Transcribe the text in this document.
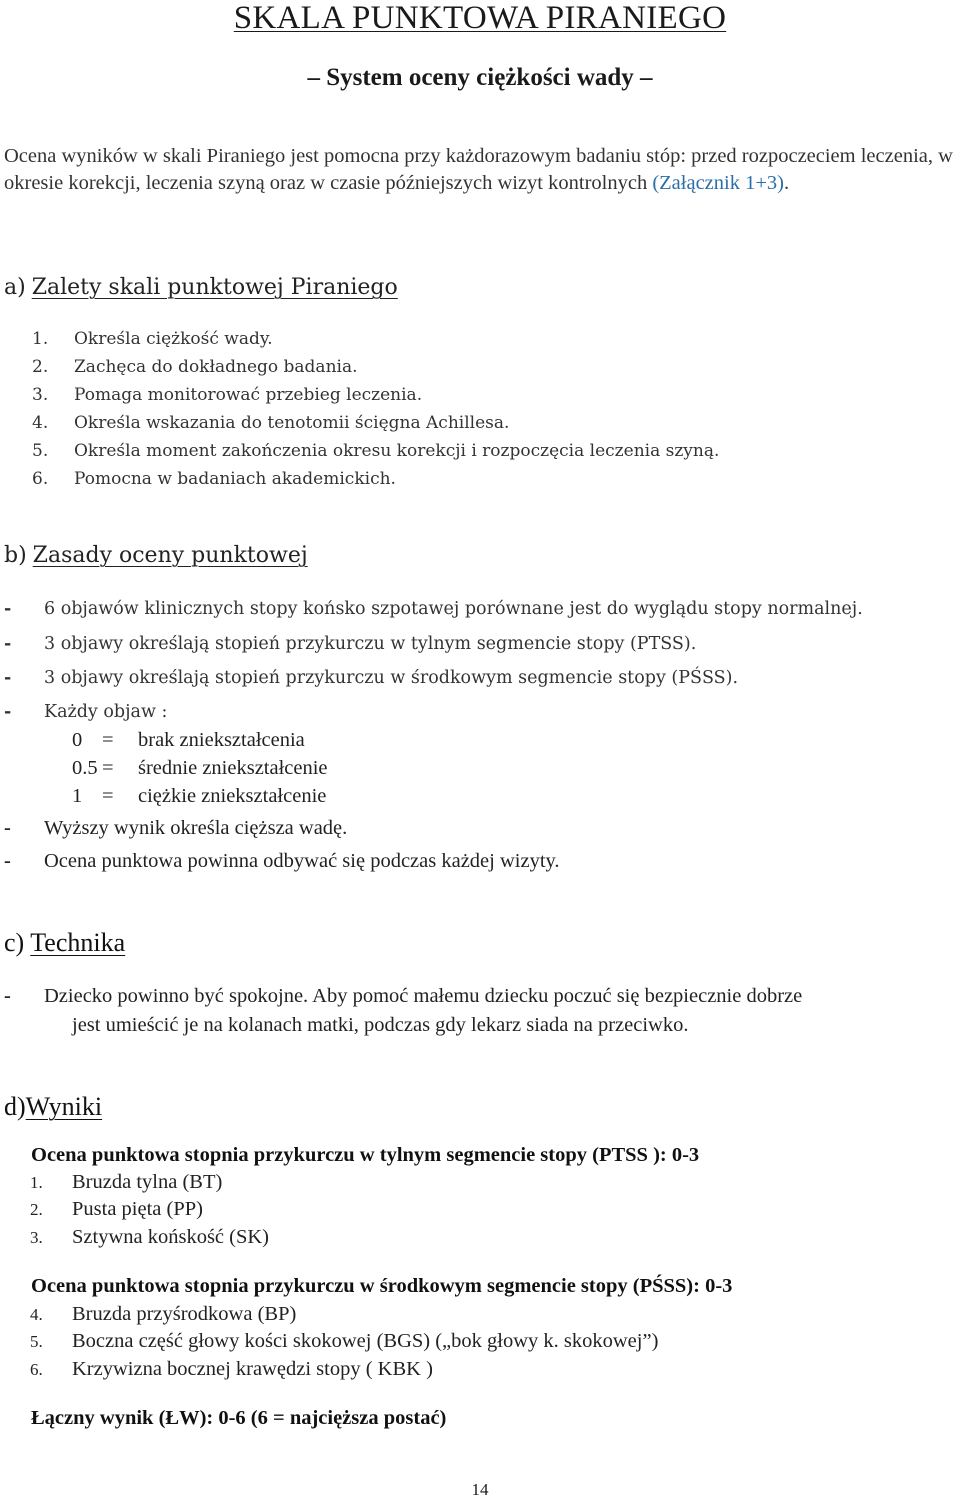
SKALA PUNKTOWA PIRANIEGO
– System oceny ciężkości wady –
Ocena wyników w skali Piraniego jest pomocna przy każdorazowym badaniu stóp: przed rozpoczeciem leczenia, w okresie korekcji, leczenia szyną oraz w czasie późniejszych wizyt kontrolnych (Załącznik 1+3).
a) Zalety skali punktowej Piraniego
1. Określa ciężkość wady.
2. Zachęca do dokładnego badania.
3. Pomaga monitorować przebieg leczenia.
4. Określa wskazania do tenotomii ścięgna Achillesa.
5. Określa moment zakończenia okresu korekcji i rozpoczęcia leczenia szyną.
6. Pomocna w badaniach akademickich.
b) Zasady oceny punktowej
- 6 objawów klinicznych stopy końsko szpotawej porównane jest do wyglądu stopy normalnej.
- 3 objawy określają stopień przykurczu w tylnym segmencie stopy (PTSS).
- 3 objawy określają stopień przykurczu w środkowym segmencie stopy (PŚSS).
- Każdy objaw :
0 = brak zniekształcenia
0.5 = średnie zniekształcenie
1 = ciężkie zniekształcenie
- Wyższy wynik określa cięższa wadę.
- Ocena punktowa powinna odbywać się podczas każdej wizyty.
c) Technika
- Dziecko powinno być spokojne. Aby pomoć małemu dziecku poczuć się bezpiecznie dobrze
jest umieścić je na kolanach matki, podczas gdy lekarz siada na przeciwko.
d)Wyniki
Ocena punktowa stopnia przykurczu w tylnym segmencie stopy (PTSS ): 0-3
1. Bruzda tylna (BT)
2. Pusta pięta (PP)
3. Sztywna końskość (SK)
Ocena punktowa stopnia przykurczu w środkowym segmencie stopy (PŚSS): 0-3
4. Bruzda przyśrodkowa (BP)
5. Boczna część głowy kości skokowej (BGS) („bok głowy k. skokowej”)
6. Krzywizna bocznej krawędzi stopy ( KBK )
Łączny wynik (ŁW): 0-6 (6 = najcięższa postać)
14
